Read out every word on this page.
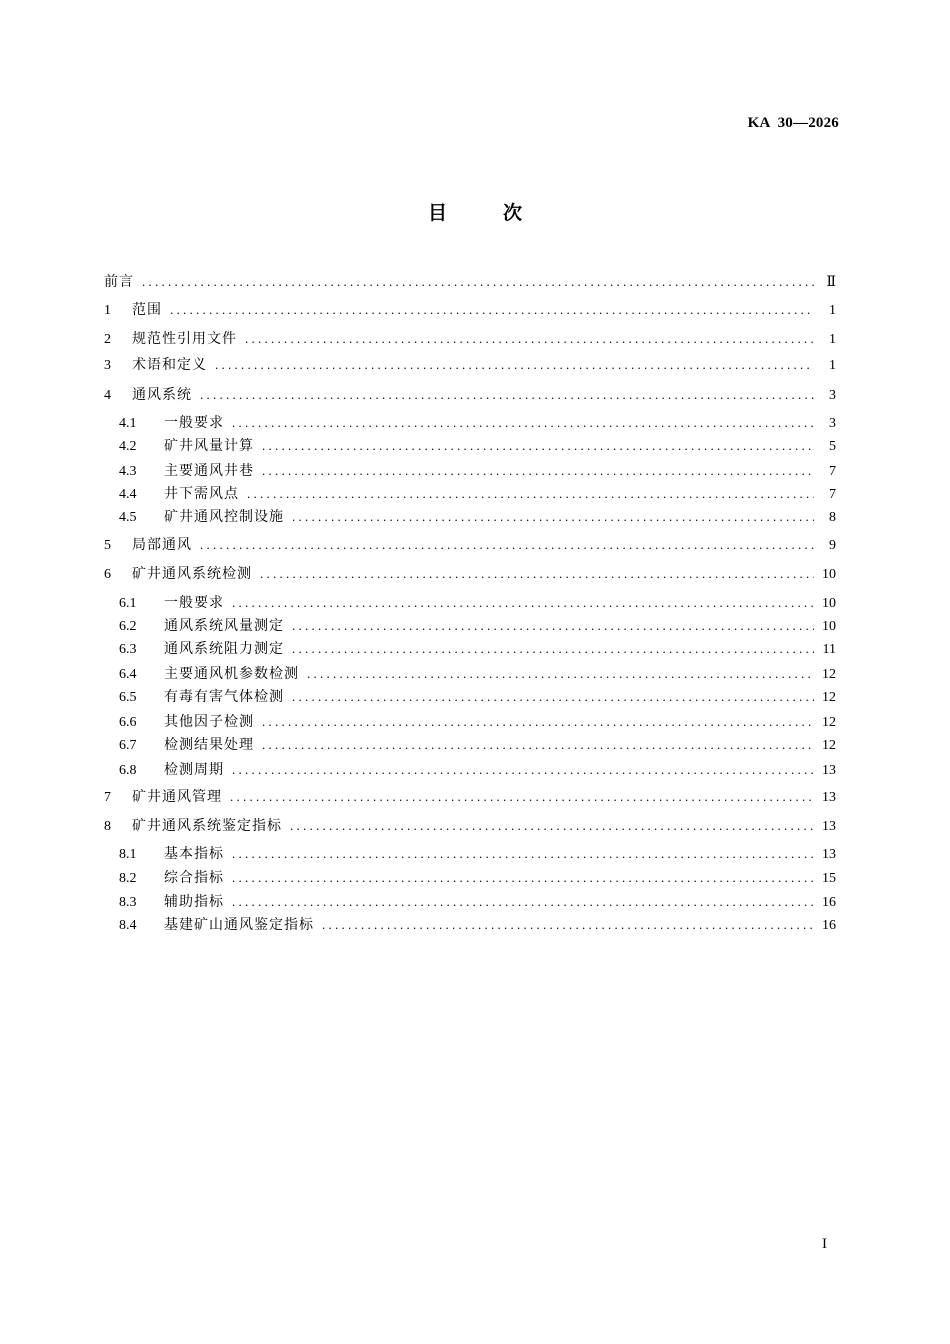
KA  30—2026
目	次
前言 . . .	Ⅱ
1	范围 . . .	1
2	规范性引用文件 . . .	1
3	术语和定义 . . .	1
4	通风系统 . . .	3
4.1	一般要求 . . .	3
4.2	矿井风量计算 . . .	5
4.3	主要通风井巷 . . .	7
4.4	井下需风点 . . .	7
4.5	矿井通风控制设施 . . .	8
5	局部通风 . . .	9
6	矿井通风系统检测 . . .	10
6.1	一般要求 . . .	10
6.2	通风系统风量测定 . . .	10
6.3	通风系统阻力测定 . . .	11
6.4	主要通风机参数检测 . . .	12
6.5	有毒有害气体检测 . . .	12
6.6	其他因子检测 . . .	12
6.7	检测结果处理 . . .	12
6.8	检测周期 . . .	13
7	矿井通风管理 . . .	13
8	矿井通风系统鉴定指标 . . .	13
8.1	基本指标 . . .	13
8.2	综合指标 . . .	15
8.3	辅助指标 . . .	16
8.4	基建矿山通风鉴定指标 . . .	16
I
